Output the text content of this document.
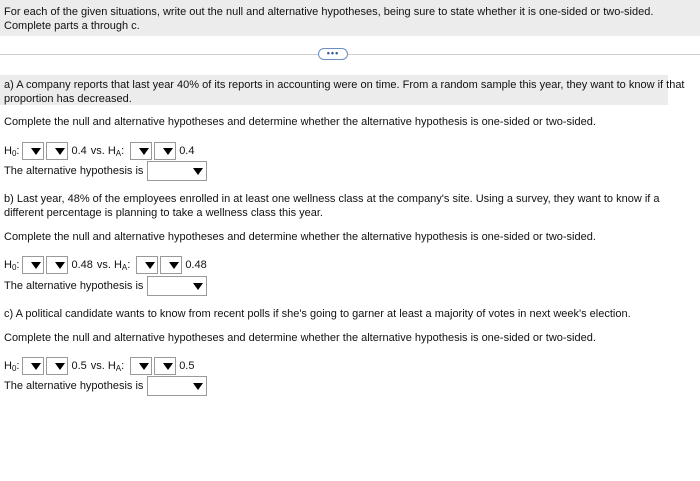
For each of the given situations, write out the null and alternative hypotheses, being sure to state whether it is one-sided or two-sided. Complete parts a through c.
•••
a) A company reports that last year 40% of its reports in accounting were on time. From a random sample this year, they want to know if that proportion has decreased.
Complete the null and alternative hypotheses and determine whether the alternative hypothesis is one-sided or two-sided.
$H_0$:	0.4 vs. $H_A$:	0.4
The alternative hypothesis is
b) Last year, 48% of the employees enrolled in at least one wellness class at the company's site. Using a survey, they want to know if a different percentage is planning to take a wellness class this year.
Complete the null and alternative hypotheses and determine whether the alternative hypothesis is one-sided or two-sided.
$H_0$:	0.48 vs. $H_A$:	0.48
The alternative hypothesis is
c) A political candidate wants to know from recent polls if she's going to garner at least a majority of votes in next week's election.
Complete the null and alternative hypotheses and determine whether the alternative hypothesis is one-sided or two-sided.
$H_0$:	0.5 vs. $H_A$:	0.5
The alternative hypothesis is
